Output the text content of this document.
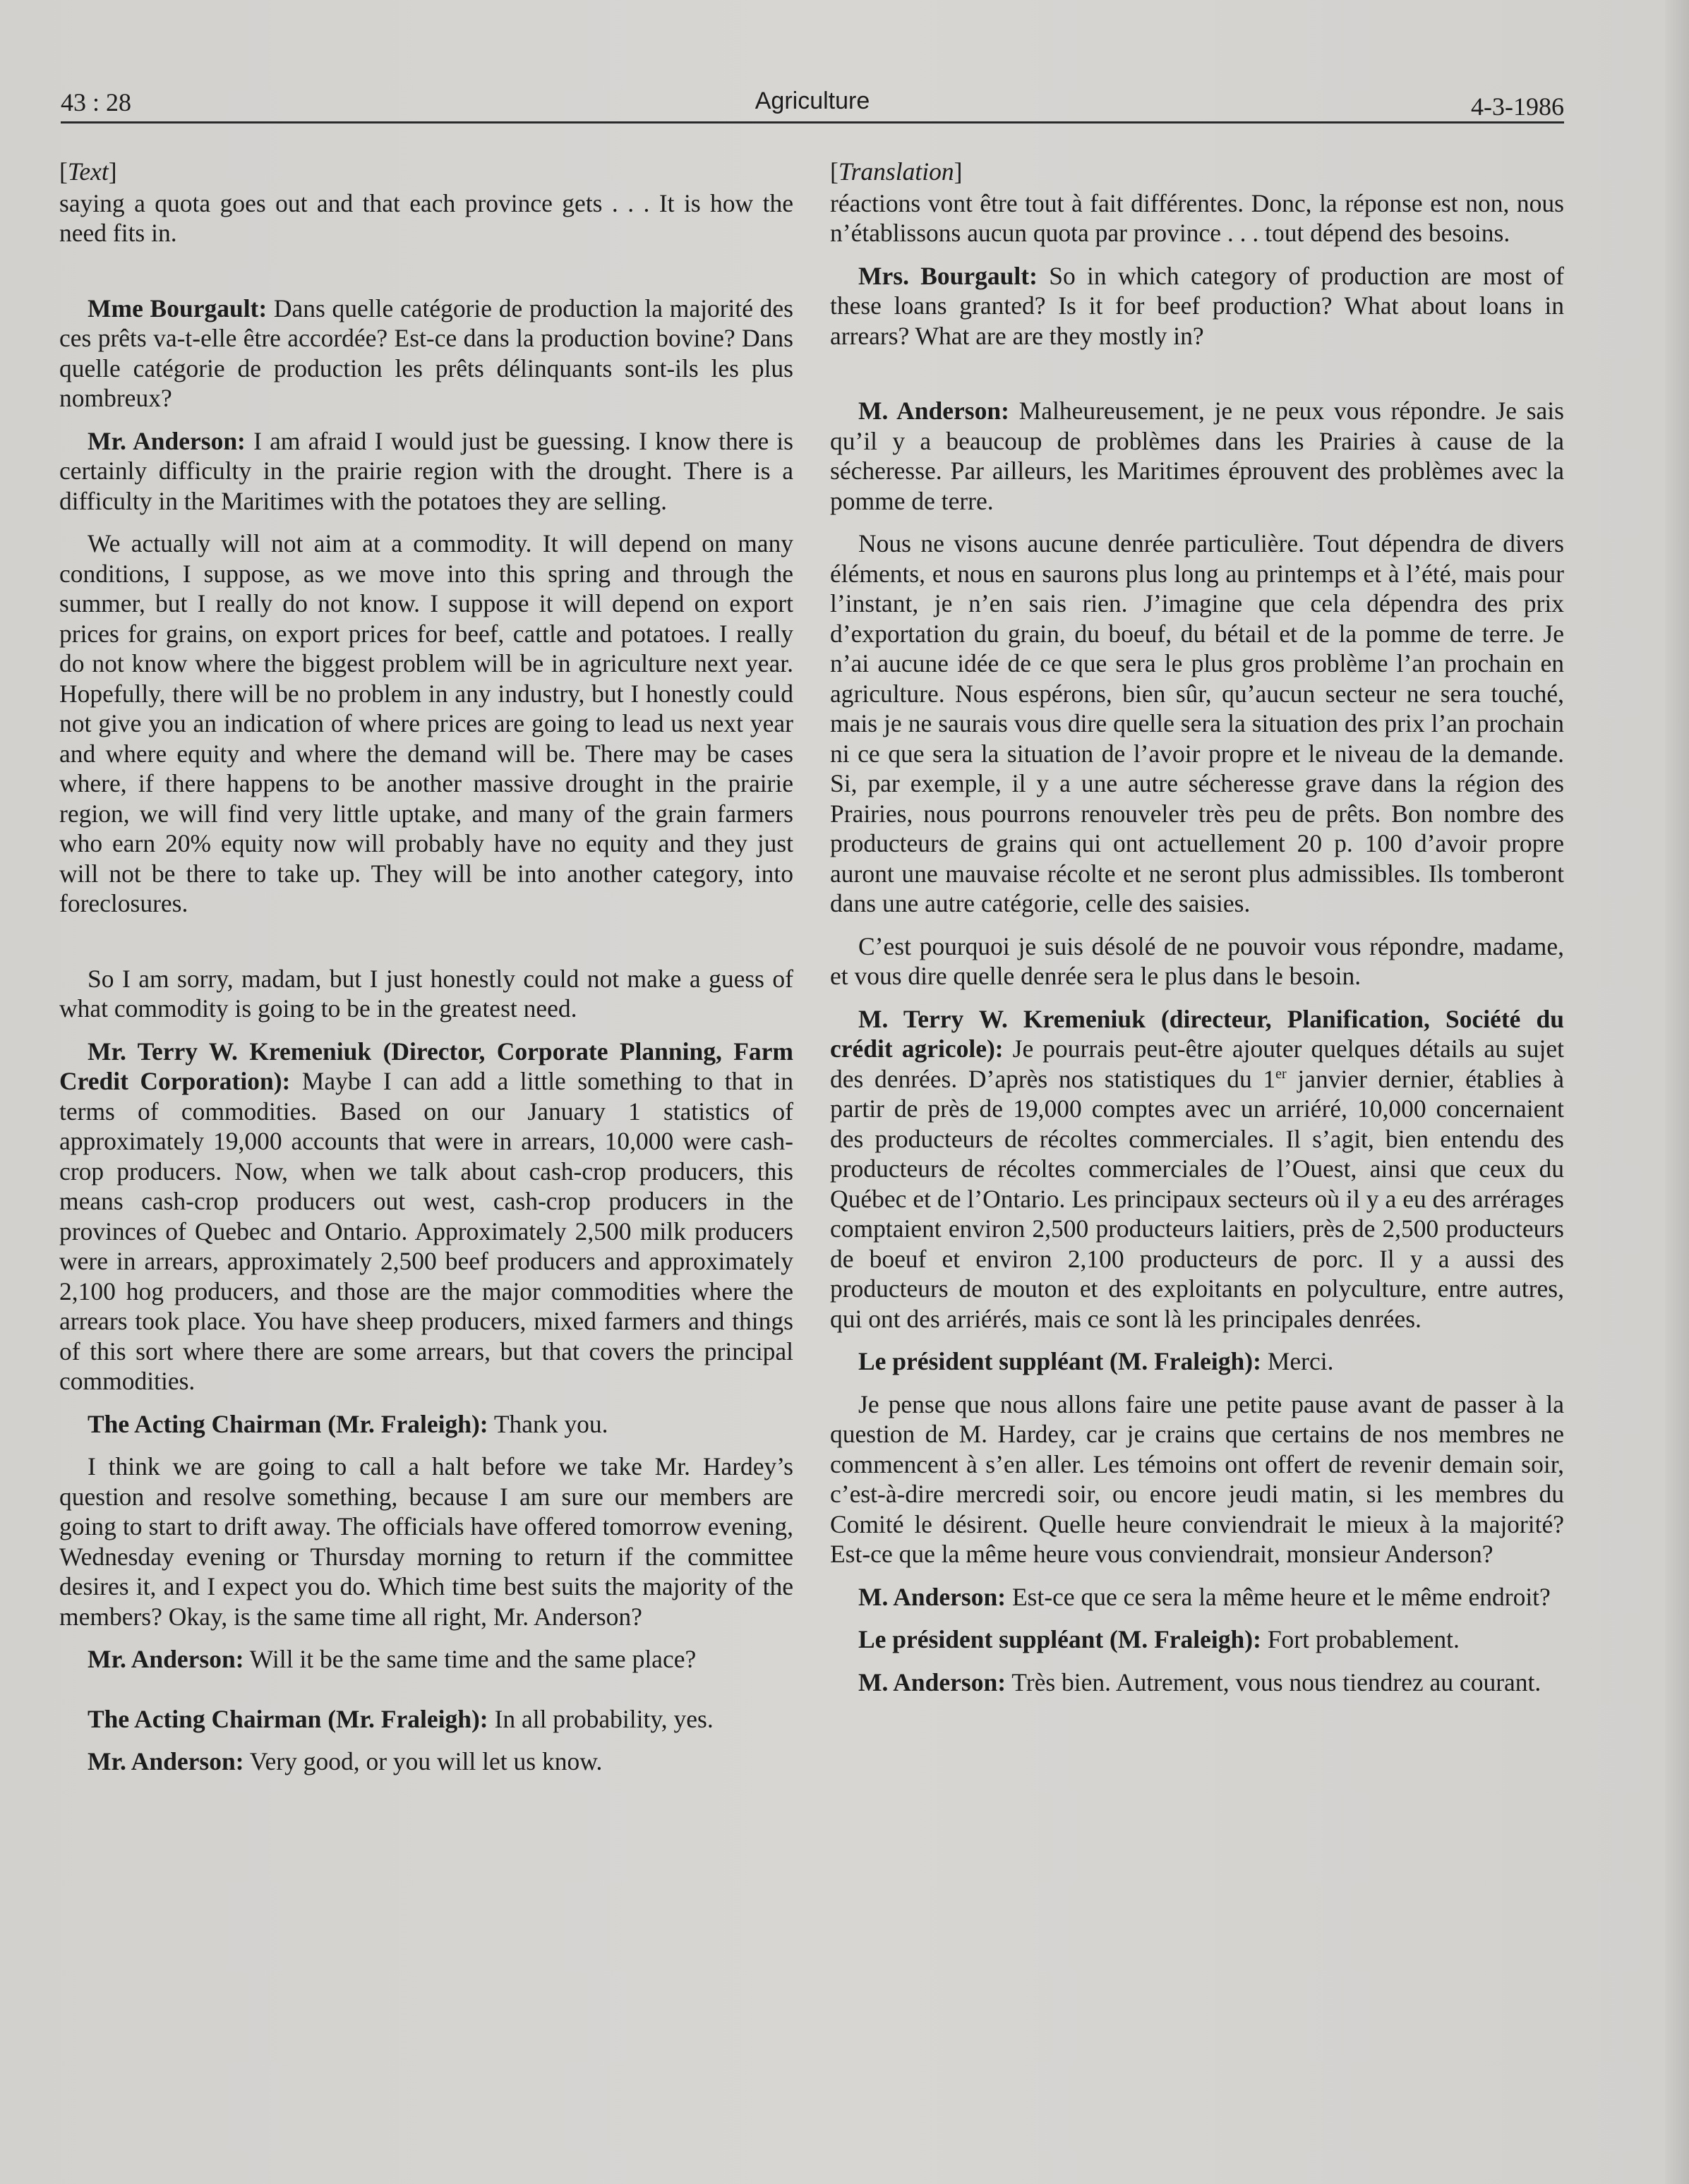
43 : 28	Agriculture	4-3-1986
[Text]

saying a quota goes out and that each province gets . . . It is how the need fits in.

Mme Bourgault: Dans quelle catégorie de production la majorité des ces prêts va-t-elle être accordée? Est-ce dans la production bovine? Dans quelle catégorie de production les prêts délinquants sont-ils les plus nombreux?

Mr. Anderson: I am afraid I would just be guessing. I know there is certainly difficulty in the prairie region with the drought. There is a difficulty in the Maritimes with the potatoes they are selling.

We actually will not aim at a commodity. It will depend on many conditions, I suppose, as we move into this spring and through the summer, but I really do not know. I suppose it will depend on export prices for grains, on export prices for beef, cattle and potatoes. I really do not know where the biggest problem will be in agriculture next year. Hopefully, there will be no problem in any industry, but I honestly could not give you an indication of where prices are going to lead us next year and where equity and where the demand will be. There may be cases where, if there happens to be another massive drought in the prairie region, we will find very little uptake, and many of the grain farmers who earn 20% equity now will probably have no equity and they just will not be there to take up. They will be into another category, into foreclosures.

So I am sorry, madam, but I just honestly could not make a guess of what commodity is going to be in the greatest need.

Mr. Terry W. Kremeniuk (Director, Corporate Planning, Farm Credit Corporation): Maybe I can add a little something to that in terms of commodities. Based on our January 1 statistics of approximately 19,000 accounts that were in arrears, 10,000 were cash-crop producers. Now, when we talk about cash-crop producers, this means cash-crop producers out west, cash-crop producers in the provinces of Quebec and Ontario. Approximately 2,500 milk producers were in arrears, approximately 2,500 beef producers and approximately 2,100 hog producers, and those are the major commodities where the arrears took place. You have sheep producers, mixed farmers and things of this sort where there are some arrears, but that covers the principal commodities.

The Acting Chairman (Mr. Fraleigh): Thank you.

I think we are going to call a halt before we take Mr. Hardey’s question and resolve something, because I am sure our members are going to start to drift away. The officials have offered tomorrow evening, Wednesday evening or Thursday morning to return if the committee desires it, and I expect you do. Which time best suits the majority of the members? Okay, is the same time all right, Mr. Anderson?

Mr. Anderson: Will it be the same time and the same place?

The Acting Chairman (Mr. Fraleigh): In all probability, yes.

Mr. Anderson: Very good, or you will let us know.

[Translation]

réactions vont être tout à fait différentes. Donc, la réponse est non, nous n’établissons aucun quota par province . . . tout dépend des besoins.

Mrs. Bourgault: So in which category of production are most of these loans granted? Is it for beef production? What about loans in arrears? What are are they mostly in?

M. Anderson: Malheureusement, je ne peux vous répondre. Je sais qu’il y a beaucoup de problèmes dans les Prairies à cause de la sécheresse. Par ailleurs, les Maritimes éprouvent des problèmes avec la pomme de terre.

Nous ne visons aucune denrée particulière. Tout dépendra de divers éléments, et nous en saurons plus long au printemps et à l’été, mais pour l’instant, je n’en sais rien. J’imagine que cela dépendra des prix d’exportation du grain, du boeuf, du bétail et de la pomme de terre. Je n’ai aucune idée de ce que sera le plus gros problème l’an prochain en agriculture. Nous espérons, bien sûr, qu’aucun secteur ne sera touché, mais je ne saurais vous dire quelle sera la situation des prix l’an prochain ni ce que sera la situation de l’avoir propre et le niveau de la demande. Si, par exemple, il y a une autre sécheresse grave dans la région des Prairies, nous pourrons renouveler très peu de prêts. Bon nombre des producteurs de grains qui ont actuellement 20 p. 100 d’avoir propre auront une mauvaise récolte et ne seront plus admissibles. Ils tomberont dans une autre catégorie, celle des saisies.

C’est pourquoi je suis désolé de ne pouvoir vous répondre, madame, et vous dire quelle denrée sera le plus dans le besoin.

M. Terry W. Kremeniuk (directeur, Planification, Société du crédit agricole): Je pourrais peut-être ajouter quelques détails au sujet des denrées. D’après nos statistiques du 1er janvier dernier, établies à partir de près de 19,000 comptes avec un arriéré, 10,000 concernaient des producteurs de récoltes commerciales. Il s’agit, bien entendu des producteurs de récoltes commerciales de l’Ouest, ainsi que ceux du Québec et de l’Ontario. Les principaux secteurs où il y a eu des arrérages comptaient environ 2,500 producteurs laitiers, près de 2,500 producteurs de boeuf et environ 2,100 producteurs de porc. Il y a aussi des producteurs de mouton et des exploitants en polyculture, entre autres, qui ont des arriérés, mais ce sont là les principales denrées.

Le président suppléant (M. Fraleigh): Merci.

Je pense que nous allons faire une petite pause avant de passer à la question de M. Hardey, car je crains que certains de nos membres ne commencent à s’en aller. Les témoins ont offert de revenir demain soir, c’est-à-dire mercredi soir, ou encore jeudi matin, si les membres du Comité le désirent. Quelle heure conviendrait le mieux à la majorité? Est-ce que la même heure vous conviendrait, monsieur Anderson?

M. Anderson: Est-ce que ce sera la même heure et le même endroit?

Le président suppléant (M. Fraleigh): Fort probablement.

M. Anderson: Très bien. Autrement, vous nous tiendrez au courant.
